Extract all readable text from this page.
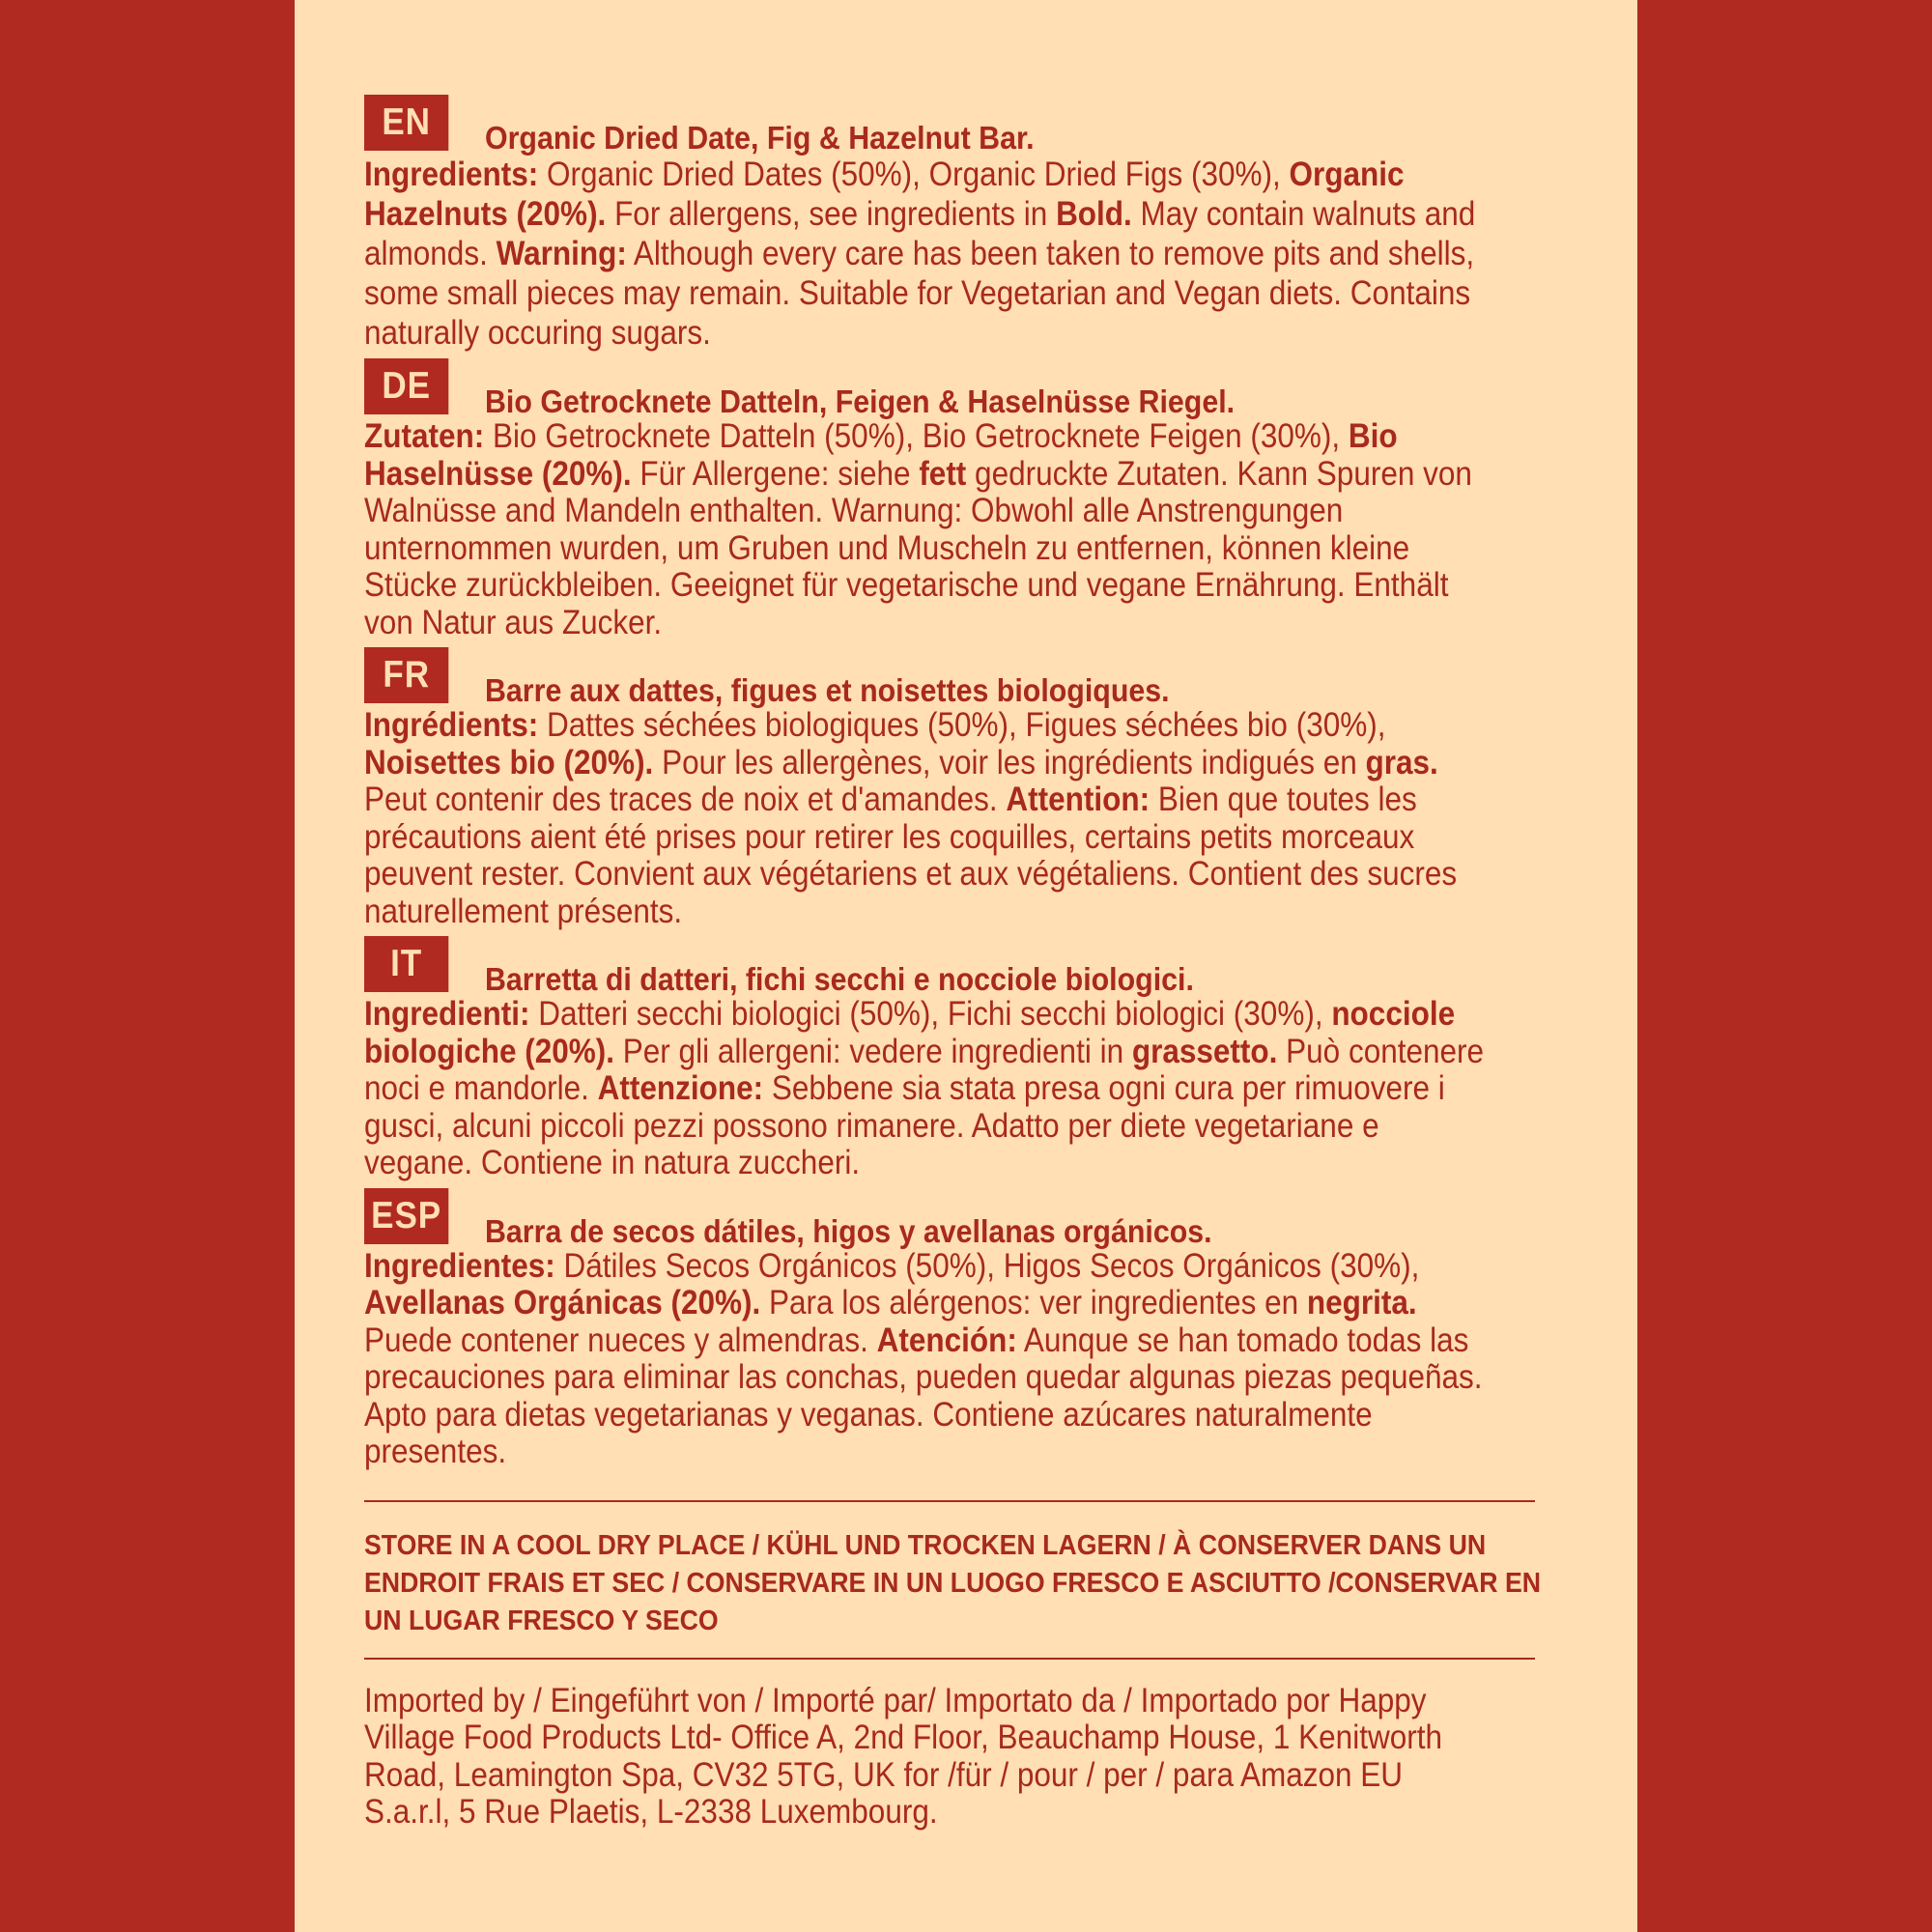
EN	Organic Dried Date, Fig & Hazelnut Bar.
Ingredients: Organic Dried Dates (50%), Organic Dried Figs (30%), Organic Hazelnuts (20%). For allergens, see ingredients in Bold. May contain walnuts and almonds. Warning: Although every care has been taken to remove pits and shells, some small pieces may remain. Suitable for Vegetarian and Vegan diets. Contains naturally occuring sugars.
DE	Bio Getrocknete Datteln, Feigen & Haselnüsse Riegel.
Zutaten: Bio Getrocknete Datteln (50%), Bio Getrocknete Feigen (30%), Bio Haselnüsse (20%). Für Allergene: siehe fett gedruckte Zutaten. Kann Spuren von Walnüsse and Mandeln enthalten. Warnung: Obwohl alle Anstrengungen unternommen wurden, um Gruben und Muscheln zu entfernen, können kleine Stücke zurückbleiben. Geeignet für vegetarische und vegane Ernährung. Enthält von Natur aus Zucker.
FR	Barre aux dattes, figues et noisettes biologiques.
Ingrédients: Dattes séchées biologiques (50%), Figues séchées bio (30%), Noisettes bio (20%). Pour les allergènes, voir les ingrédients indigués en gras. Peut contenir des traces de noix et d'amandes. Attention: Bien que toutes les précautions aient été prises pour retirer les coquilles, certains petits morceaux peuvent rester. Convient aux végétariens et aux végétaliens. Contient des sucres naturellement présents.
IT	Barretta di datteri, fichi secchi e nocciole biologici.
Ingredienti: Datteri secchi biologici (50%), Fichi secchi biologici (30%), nocciole biologiche (20%). Per gli allergeni: vedere ingredienti in grassetto. Può contenere noci e mandorle. Attenzione: Sebbene sia stata presa ogni cura per rimuovere i gusci, alcuni piccoli pezzi possono rimanere. Adatto per diete vegetariane e vegane. Contiene in natura zuccheri.
ESP Barra de secos dátiles, higos y avellanas orgánicos.
Ingredientes: Dátiles Secos Orgánicos (50%), Higos Secos Orgánicos (30%), Avellanas Orgánicas (20%). Para los alérgenos: ver ingredientes en negrita. Puede contener nueces y almendras. Atención: Aunque se han tomado todas las precauciones para eliminar las conchas, pueden quedar algunas piezas pequeñas. Apto para dietas vegetarianas y veganas. Contiene azúcares naturalmente presentes.
STORE IN A COOL DRY PLACE / KÜHL UND TROCKEN LAGERN / À CONSERVER DANS UN ENDROIT FRAIS ET SEC / CONSERVARE IN UN LUOGO FRESCO E ASCIUTTO /CONSERVAR EN UN LUGAR FRESCO Y SECO
Imported by / Eingeführt von / Importé par/ Importato da / Importado por Happy Village Food Products Ltd- Office A, 2nd Floor, Beauchamp House, 1 Kenitworth Road, Leamington Spa, CV32 5TG, UK for /für / pour / per / para Amazon EU S.a.r.l, 5 Rue Plaetis, L-2338 Luxembourg.
